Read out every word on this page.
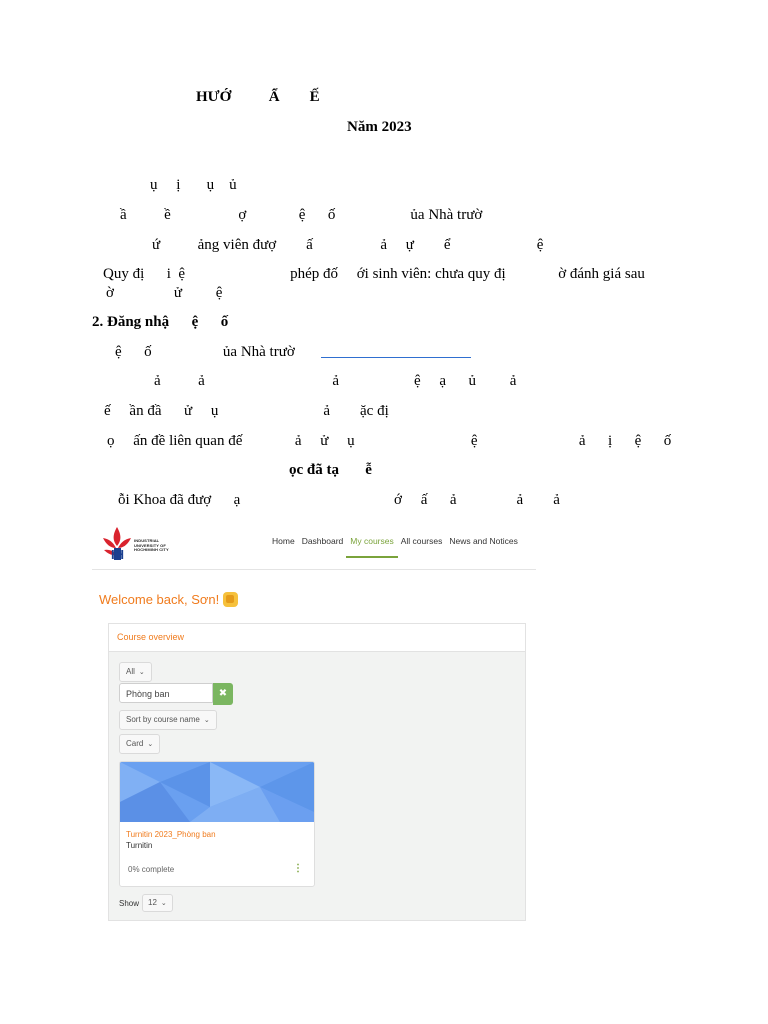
HƯỚ          Ẩ        Ế
Năm 2023
ụ     ị       ụ    ủ
ầ          ề                  ợ              ệ      ố                    ủa Nhà trườ
ứ          ảng viên đượ        ấ                  ả     ự        ể                       ệ
Quy đị      i  ệ                            phép đố     ới sinh viên: chưa quy đị              ờ đánh giá sau
ờ                ử         ệ
2. Đăng nhậ      ệ      ố
ệ      ố                   ủa Nhà trườ
ả          ả                                  ả                    ệ     ạ      ủ         ả
ế     ần đầ      ử     ụ                            ả        ặc đị
ọ     ấn đề liên quan đế              ả     ử     ụ                               ệ                           ả      ị      ệ      ố
ọc đã tạ       ễ
ỗi Khoa đã đượ      ạ                                         ớ     ấ      ả                ả        ả
IH
INDUSTRIAL
UNIVERSITY OF
HOCHIMINH CITY
Home Dashboard My courses All courses News and Notices
Welcome back, Sơn!
Course overview
All ⌄
Phòng ban	✖
Sort by course name ⌄
Card ⌄
Turnitin 2023_Phòng ban
Turnitin
0% complete	⋮
Show	12 ⌄
